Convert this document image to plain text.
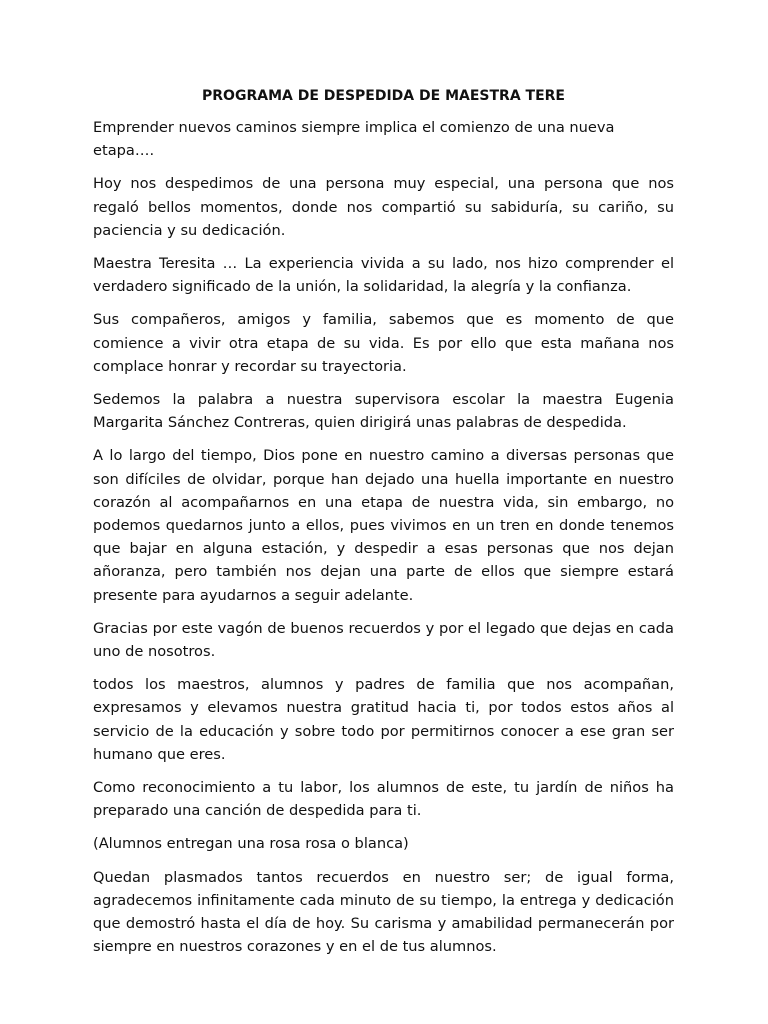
PROGRAMA DE DESPEDIDA DE MAESTRA TERE

Emprender nuevos caminos siempre implica el comienzo de una nueva etapa….

Hoy nos despedimos de una persona muy especial, una persona que nos regaló bellos momentos, donde nos compartió su sabiduría, su cariño, su paciencia y su dedicación.

Maestra Teresita … La experiencia vivida a su lado, nos hizo comprender el verdadero significado de la unión, la solidaridad, la alegría y la confianza.

Sus compañeros, amigos y familia, sabemos que es momento de que comience a vivir otra etapa de su vida. Es por ello que esta mañana nos complace honrar y recordar su trayectoria.

Sedemos la palabra a nuestra supervisora escolar la maestra Eugenia Margarita Sánchez Contreras, quien dirigirá unas palabras de despedida.

A lo largo del tiempo, Dios pone en nuestro camino a diversas personas que son difíciles de olvidar, porque han dejado una huella importante en nuestro corazón al acompañarnos en una etapa de nuestra vida, sin embargo, no podemos quedarnos junto a ellos, pues vivimos en un tren en donde tenemos que bajar en alguna estación, y despedir a esas personas que nos dejan añoranza, pero también nos dejan una parte de ellos que siempre estará presente para ayudarnos a seguir adelante.

Gracias por este vagón de buenos recuerdos y por el legado que dejas en cada uno de nosotros.

todos los maestros, alumnos y padres de familia que nos acompañan, expresamos y elevamos nuestra gratitud hacia ti, por todos estos años al servicio de la educación y sobre todo por permitirnos conocer a ese gran ser humano que eres.

Como reconocimiento a tu labor, los alumnos de este, tu jardín de niños ha preparado una canción de despedida para ti.

(Alumnos entregan una rosa rosa o blanca)

Quedan plasmados tantos recuerdos en nuestro ser; de igual forma, agradecemos infinitamente cada minuto de su tiempo, la entrega y dedicación que demostró hasta el día de hoy. Su carisma y amabilidad permanecerán por siempre en nuestros corazones y en el de tus alumnos.
